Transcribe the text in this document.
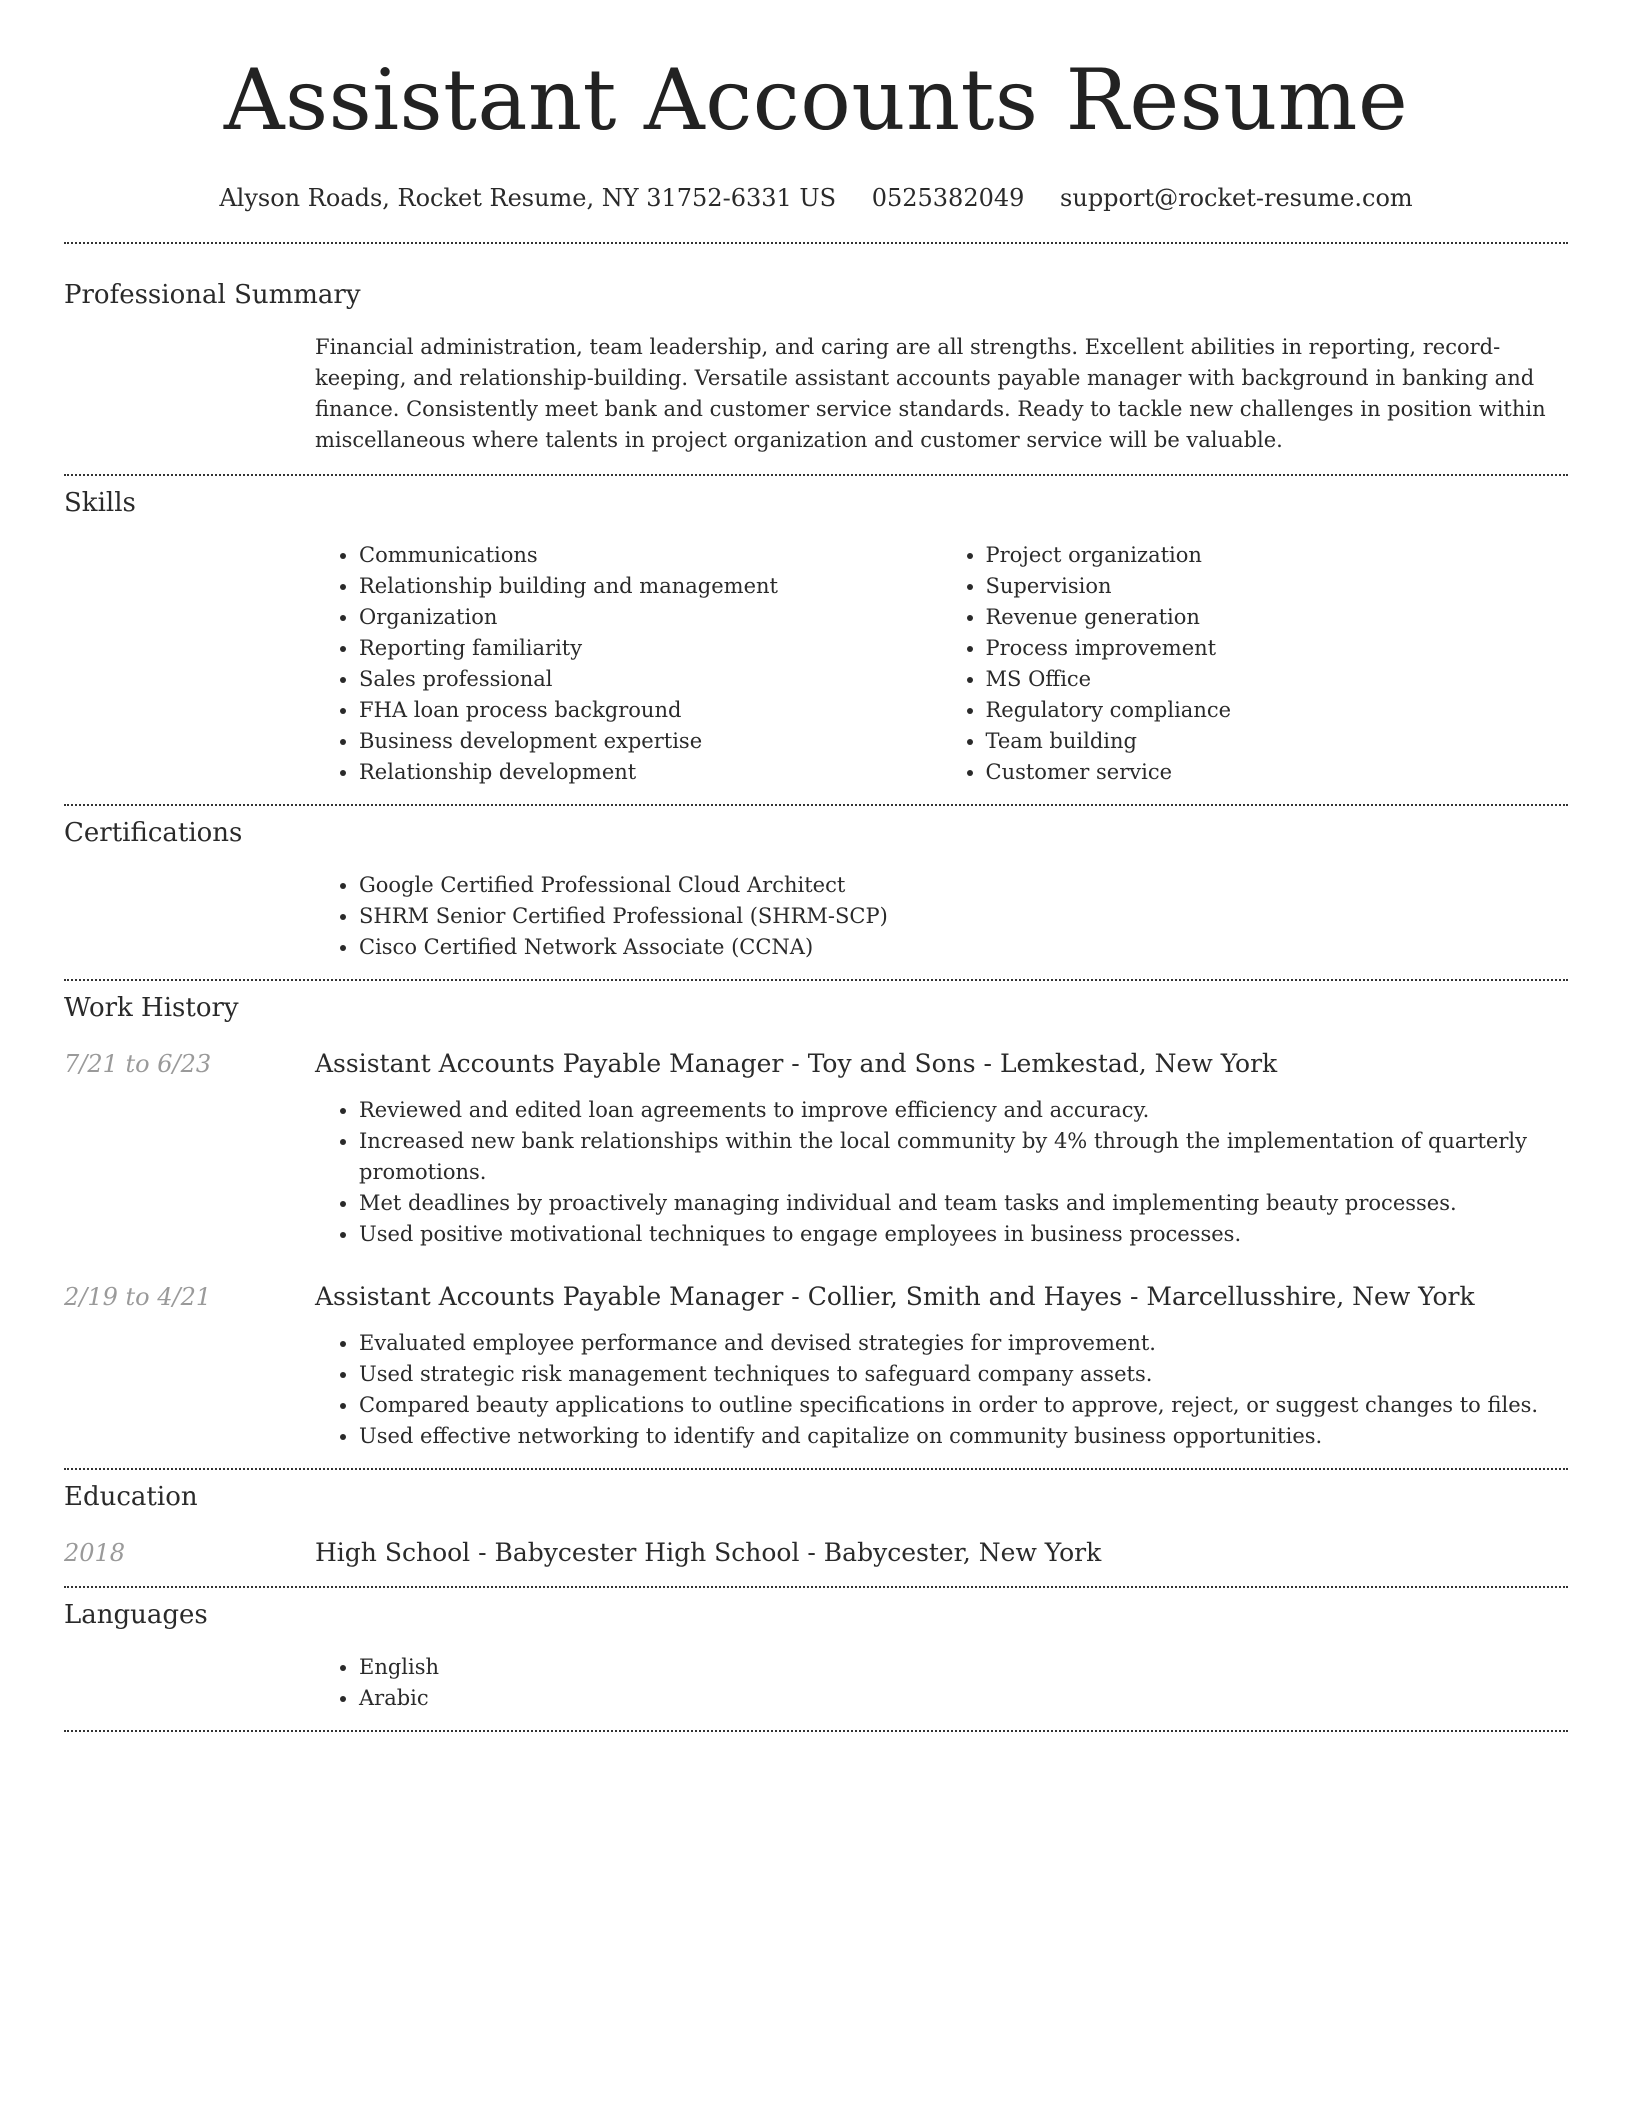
Assistant Accounts Resume
Alyson Roads, Rocket Resume, NY 31752-6331 US 0525382049 support@rocket-resume.com
Professional Summary

Financial administration, team leadership, and caring are all strengths. Excellent abilities in reporting, record-keeping, and relationship-building. Versatile assistant accounts payable manager with background in banking and finance. Consistently meet bank and customer service standards. Ready to tackle new challenges in position within miscellaneous where talents in project organization and customer service will be valuable.

Skills
• Communications
• Relationship building and management
• Organization
• Reporting familiarity
• Sales professional
• FHA loan process background
• Business development expertise
• Relationship development
• Project organization
• Supervision
• Revenue generation
• Process improvement
• MS Office
• Regulatory compliance
• Team building
• Customer service
Certifications
• Google Certified Professional Cloud Architect
• SHRM Senior Certified Professional (SHRM-SCP)
• Cisco Certified Network Associate (CCNA)
Work History
7/21 to 6/23	Assistant Accounts Payable Manager - Toy and Sons - Lemkestad, New York
• Reviewed and edited loan agreements to improve efficiency and accuracy.
• Increased new bank relationships within the local community by 4% through the implementation of quarterly promotions.
• Met deadlines by proactively managing individual and team tasks and implementing beauty processes.
• Used positive motivational techniques to engage employees in business processes.
2/19 to 4/21	Assistant Accounts Payable Manager - Collier, Smith and Hayes - Marcellusshire, New York
• Evaluated employee performance and devised strategies for improvement.
• Used strategic risk management techniques to safeguard company assets.
• Compared beauty applications to outline specifications in order to approve, reject, or suggest changes to files.
• Used effective networking to identify and capitalize on community business opportunities.
Education
2018	High School - Babycester High School - Babycester, New York
Languages
• English
• Arabic
